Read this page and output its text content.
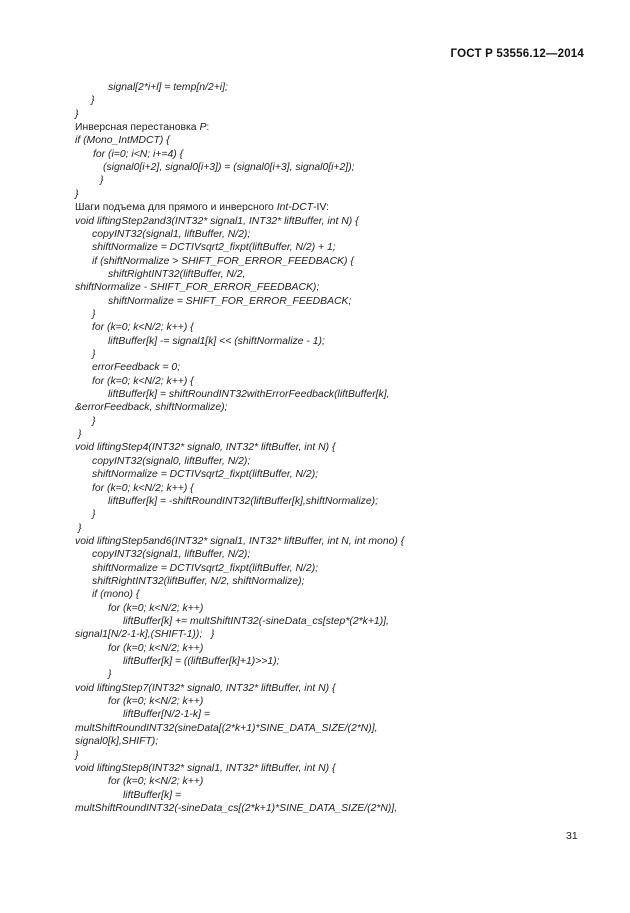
ГОСТ Р 53556.12—2014
signal[2*i+l] = temp[n/2+i];
}
}
Инверсная перестановка P:
if (Mono_IntMDCT) {
for (i=0; i<N; i+=4) {
(signal0[i+2], signal0[i+3]) = (signal0[i+3], signal0[i+2]);
}
}
Шаги подъема для прямого и инверсного Int-DCT-IV:
void liftingStep2and3(INT32* signal1, INT32* liftBuffer, int N) {
copyINT32(signal1, liftBuffer, N/2);
shiftNormalize = DCTIVsqrt2_fixpt(liftBuffer, N/2) + 1;
if (shiftNormalize > SHIFT_FOR_ERROR_FEEDBACK) {
shiftRightINT32(liftBuffer, N/2,
shiftNormalize - SHIFT_FOR_ERROR_FEEDBACK);
shiftNormalize = SHIFT_FOR_ERROR_FEEDBACK;
}
for (k=0; k<N/2; k++) {
liftBuffer[k] -= signal1[k] << (shiftNormalize - 1);
}
errorFeedback = 0;
for (k=0; k<N/2; k++) {
liftBuffer[k] = shiftRoundINT32withErrorFeedback(liftBuffer[k],
&errorFeedback, shiftNormalize);
}
}
void liftingStep4(INT32* signal0, INT32* liftBuffer, int N) {
copyINT32(signal0, liftBuffer, N/2);
shiftNormalize = DCTIVsqrt2_fixpt(liftBuffer, N/2);
for (k=0; k<N/2; k++) {
liftBuffer[k] = -shiftRoundINT32(liftBuffer[k],shiftNormalize);
}
}
void liftingStep5and6(INT32* signal1, INT32* liftBuffer, int N, int mono) {
copyINT32(signal1, liftBuffer, N/2);
shiftNormalize = DCTIVsqrt2_fixpt(liftBuffer, N/2);
shiftRightINT32(liftBuffer, N/2, shiftNormalize);
if (mono) {
for (k=0; k<N/2; k++)
liftBuffer[k] += multShiftINT32(-sineData_cs[step*(2*k+1)],
signal1[N/2-1-k],(SHIFT-1));   }
for (k=0; k<N/2; k++)
liftBuffer[k] = ((liftBuffer[k]+1)>>1);
}
void liftingStep7(INT32* signal0, INT32* liftBuffer, int N) {
for (k=0; k<N/2; k++)
liftBuffer[N/2-1-k] =
multShiftRoundINT32(sineData[(2*k+1)*SINE_DATA_SIZE/(2*N)],
signal0[k],SHIFT);
}
void liftingStep8(INT32* signal1, INT32* liftBuffer, int N) {
for (k=0; k<N/2; k++)
liftBuffer[k] =
multShiftRoundINT32(-sineData_cs[(2*k+1)*SINE_DATA_SIZE/(2*N)],
31
